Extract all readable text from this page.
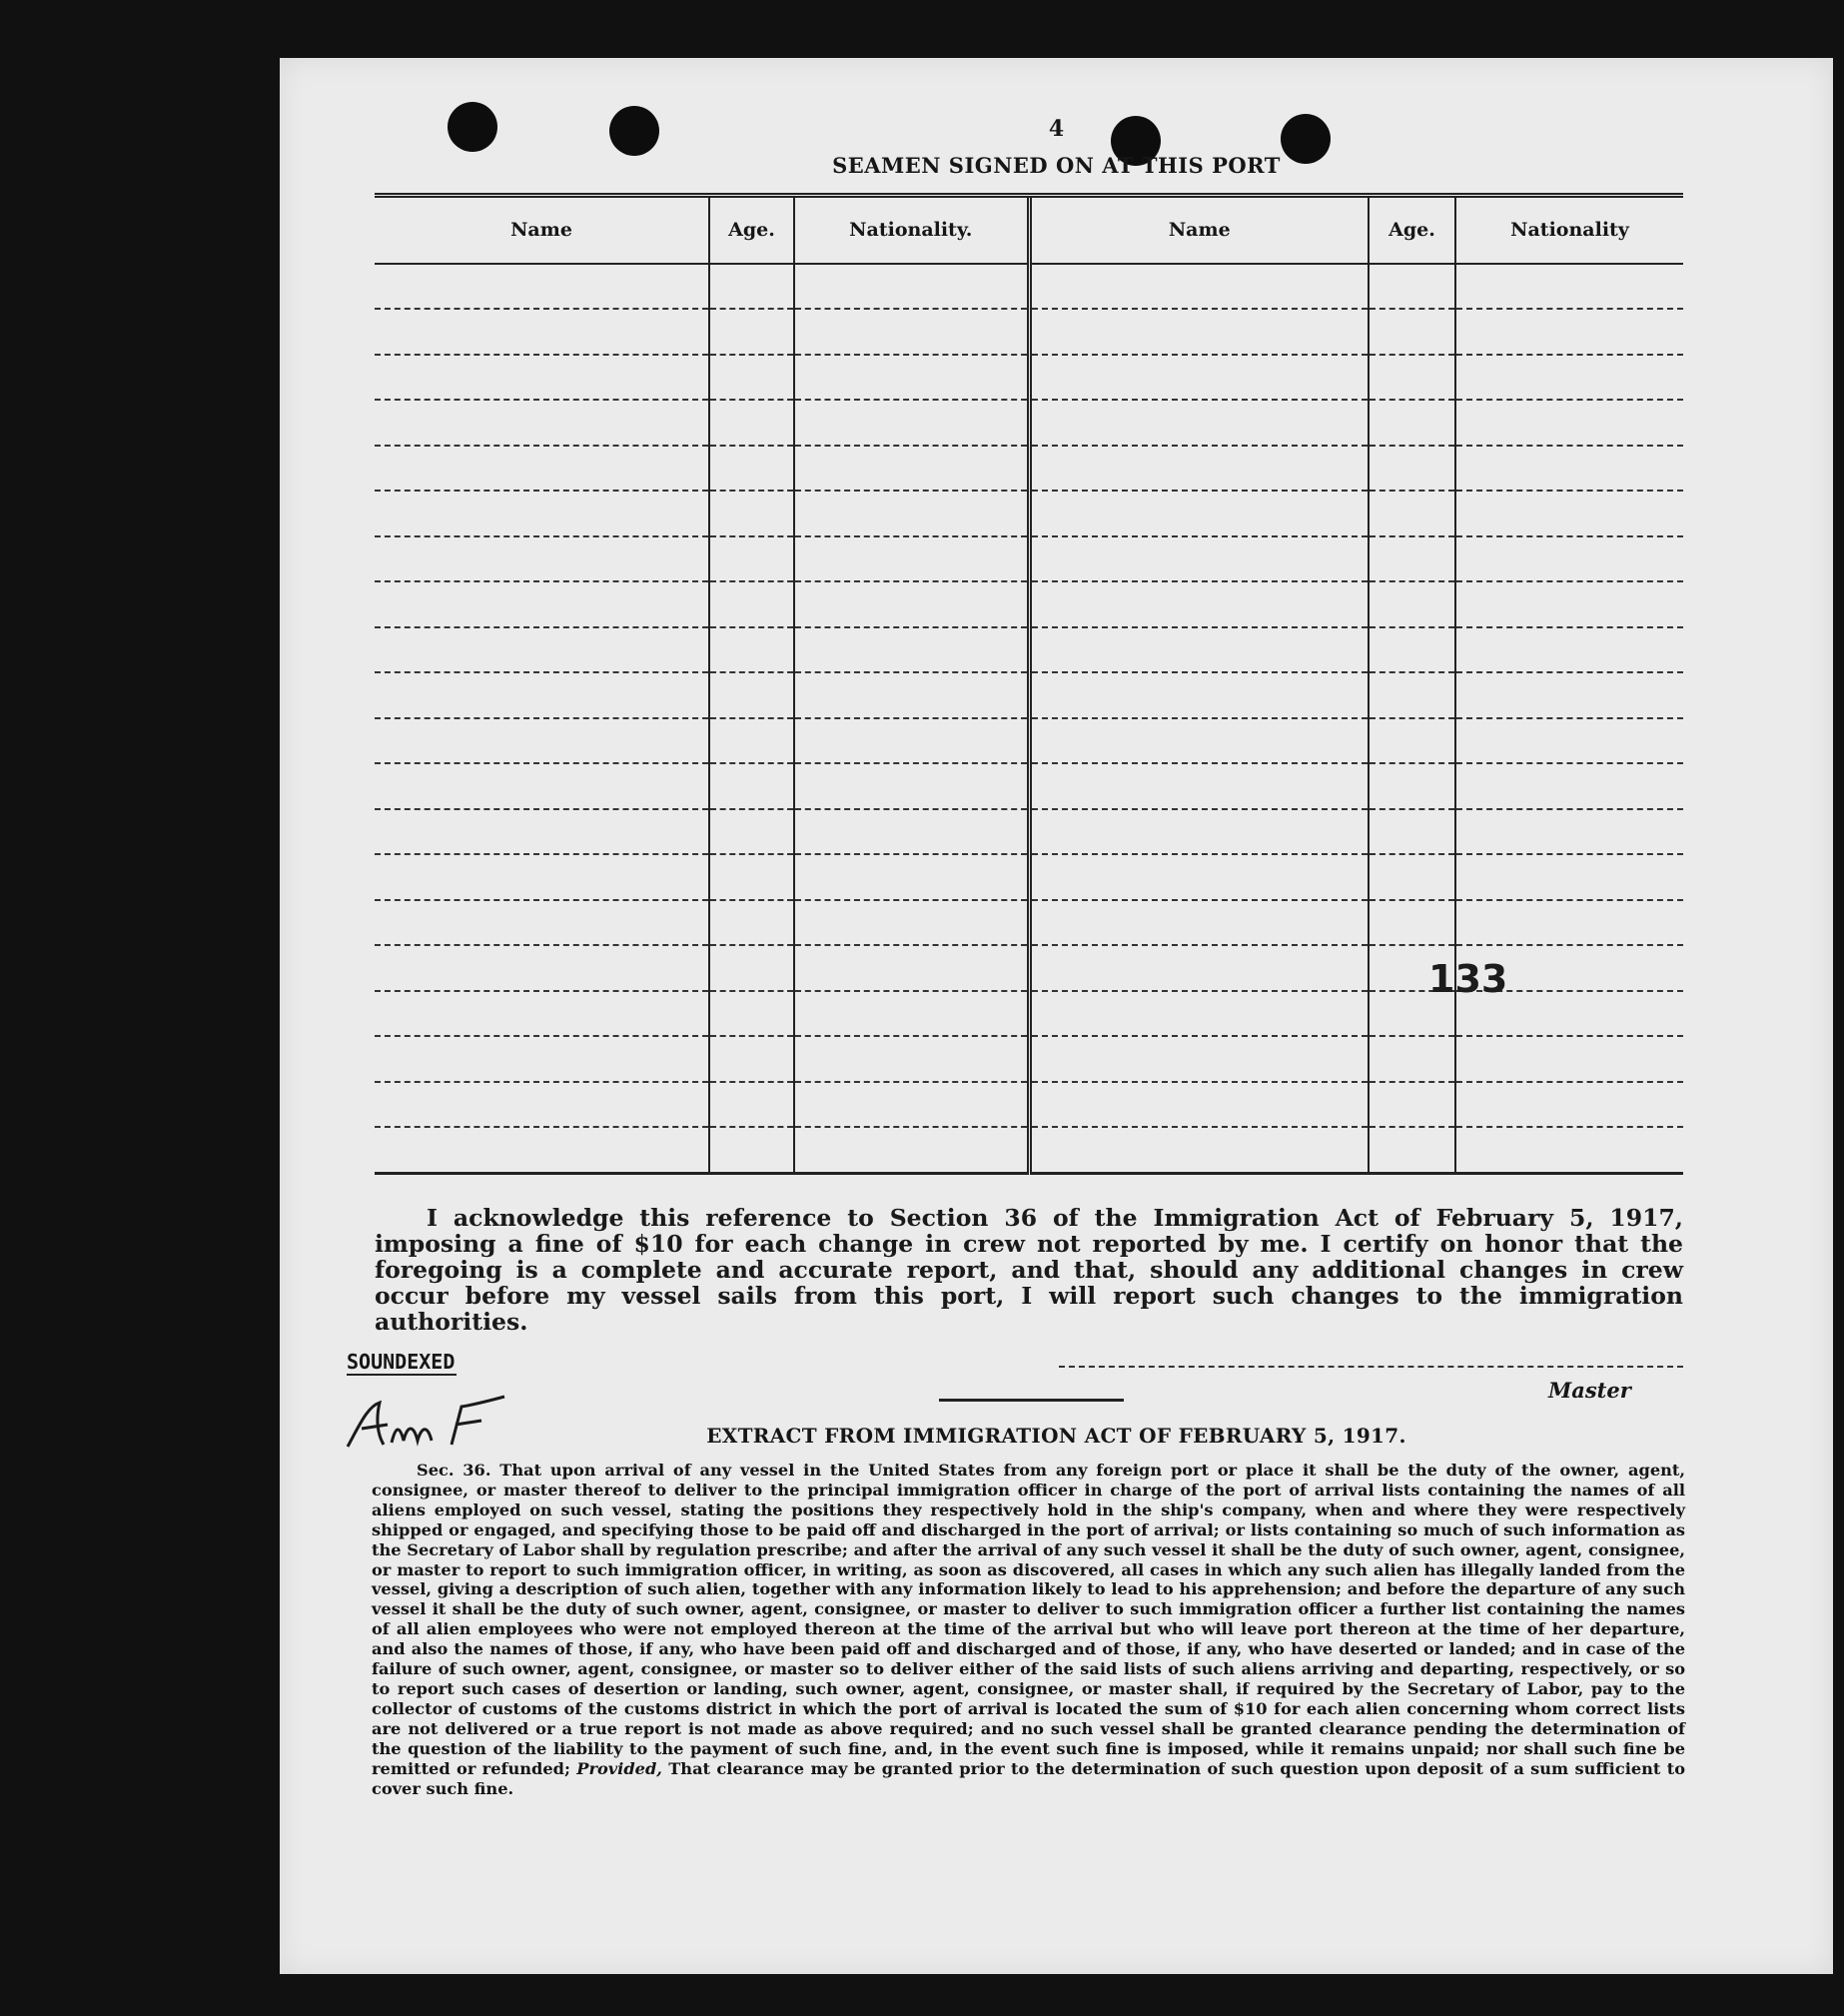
4
SEAMEN SIGNED ON AT THIS PORT
Name	Age.	Nationality.	Name	Age.	Nationality

133
I acknowledge this reference to Section 36 of the Immigration Act of February 5, 1917, imposing a fine of $10 for each change in crew not reported by me. I certify on honor that the foregoing is a complete and accurate report, and that, should any additional changes in crew occur before my vessel sails from this port, I will report such changes to the immigration authorities.
SOUNDEXED
Master
EXTRACT FROM IMMIGRATION ACT OF FEBRUARY 5, 1917.
Sec. 36. That upon arrival of any vessel in the United States from any foreign port or place it shall be the duty of the owner, agent, consignee, or master thereof to deliver to the principal immigration officer in charge of the port of arrival lists containing the names of all aliens employed on such vessel, stating the positions they respectively hold in the ship's company, when and where they were respectively shipped or engaged, and specifying those to be paid off and discharged in the port of arrival; or lists containing so much of such information as the Secretary of Labor shall by regulation prescribe; and after the arrival of any such vessel it shall be the duty of such owner, agent, consignee, or master to report to such immigration officer, in writing, as soon as discovered, all cases in which any such alien has illegally landed from the vessel, giving a description of such alien, together with any information likely to lead to his apprehension; and before the departure of any such vessel it shall be the duty of such owner, agent, consignee, or master to deliver to such immigration officer a further list containing the names of all alien employees who were not employed thereon at the time of the arrival but who will leave port thereon at the time of her departure, and also the names of those, if any, who have been paid off and discharged and of those, if any, who have deserted or landed; and in case of the failure of such owner, agent, consignee, or master so to deliver either of the said lists of such aliens arriving and departing, respectively, or so to report such cases of desertion or landing, such owner, agent, consignee, or master shall, if required by the Secretary of Labor, pay to the collector of customs of the customs district in which the port of arrival is located the sum of $10 for each alien concerning whom correct lists are not delivered or a true report is not made as above required; and no such vessel shall be granted clearance pending the determination of the question of the liability to the payment of such fine, and, in the event such fine is imposed, while it remains unpaid; nor shall such fine be remitted or refunded; Provided, That clearance may be granted prior to the determination of such question upon deposit of a sum sufficient to cover such fine.
